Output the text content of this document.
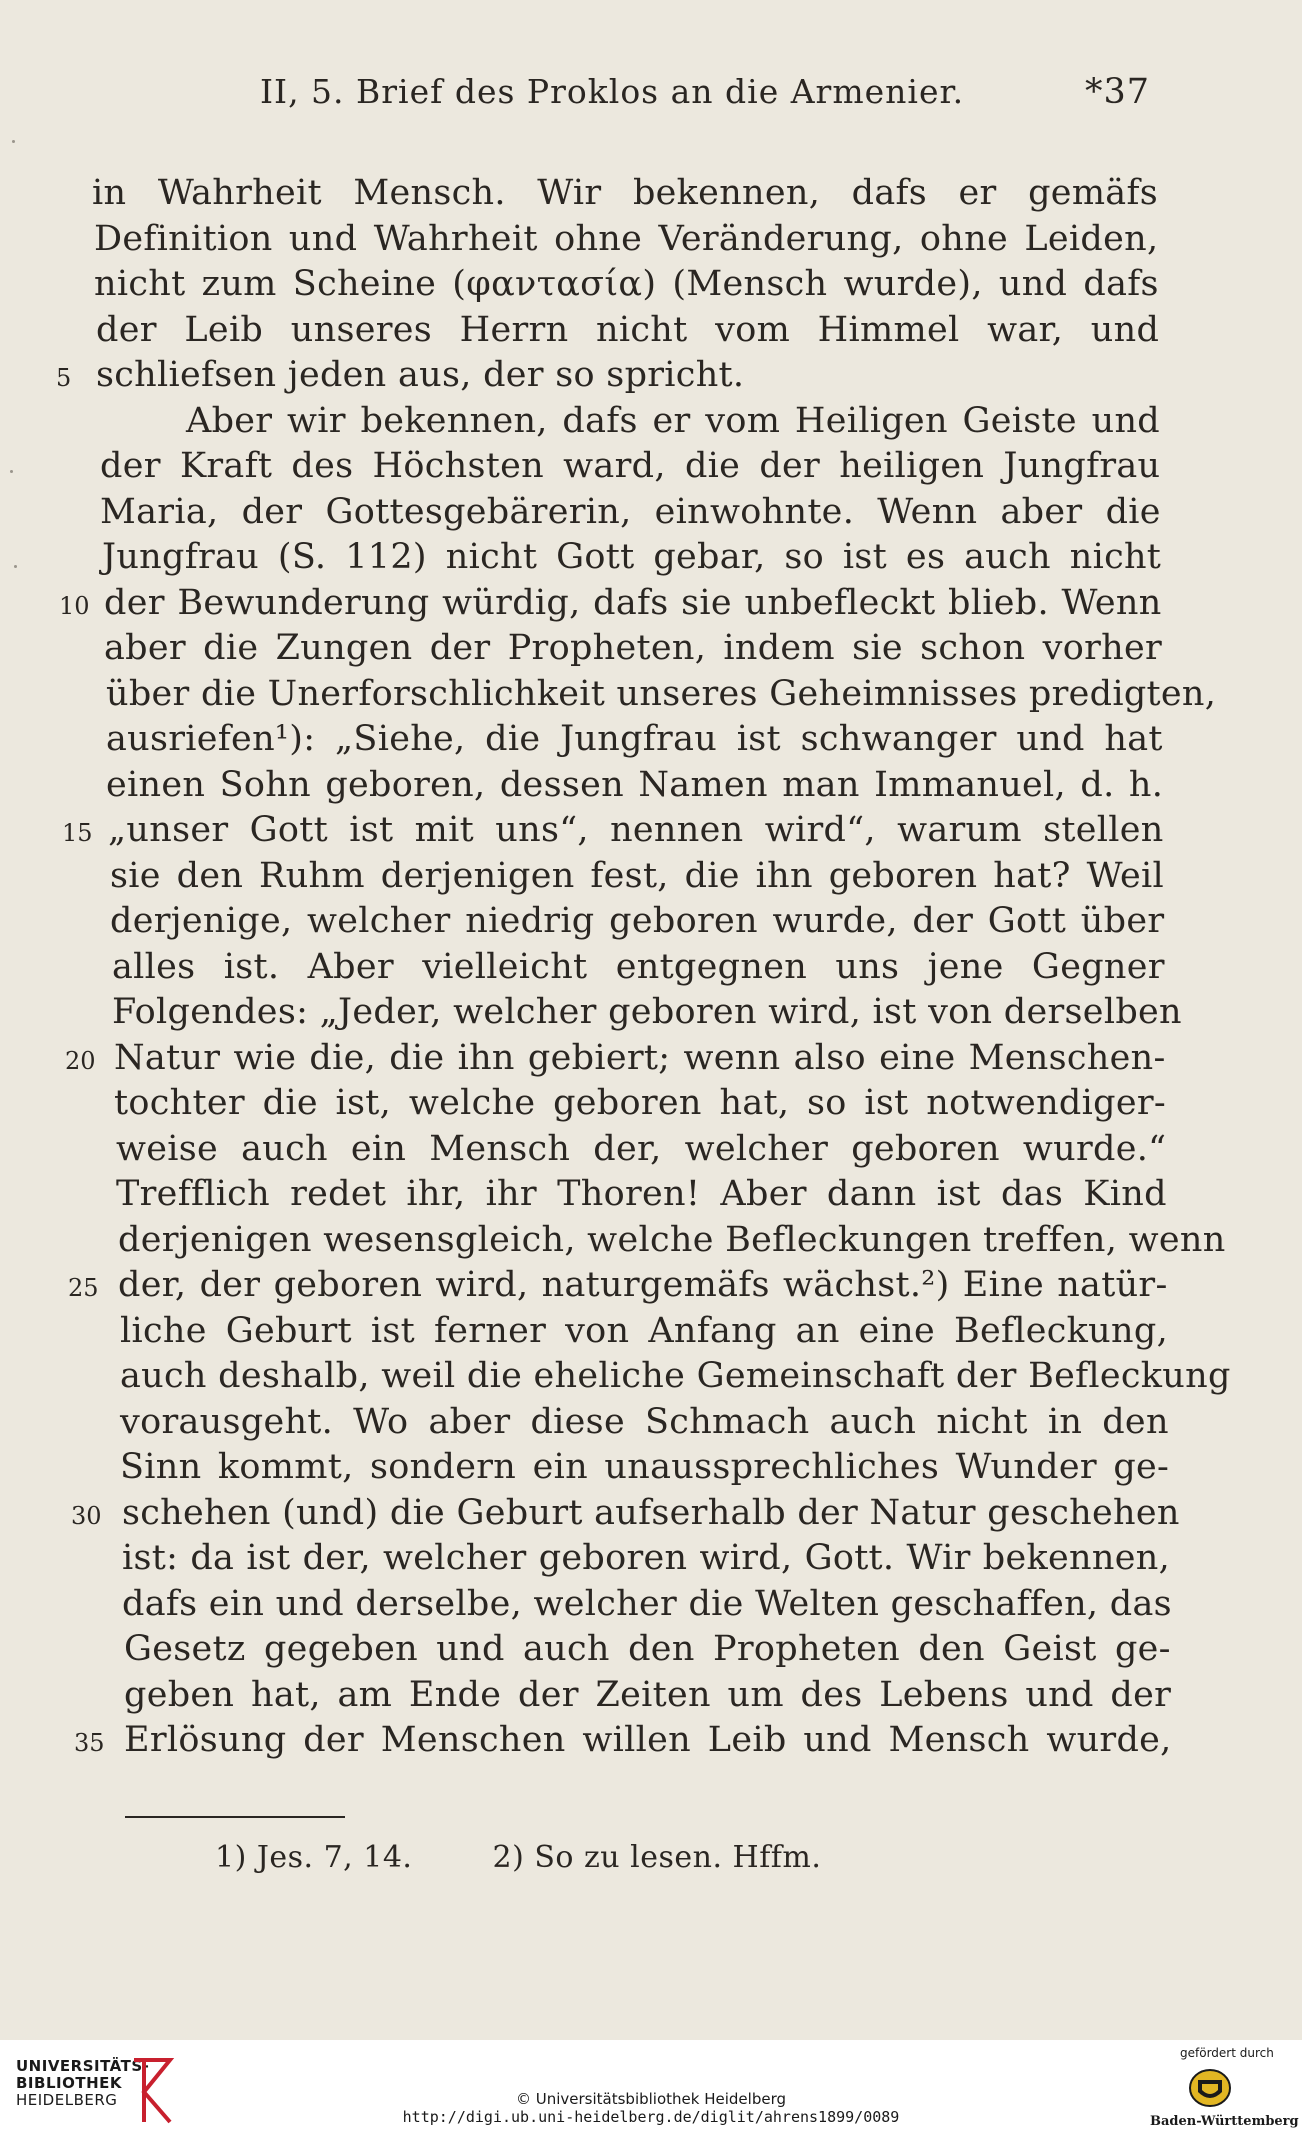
II, 5. Brief des Proklos an die Armenier.	*37
in Wahrheit Mensch. Wir bekennen, dafs er gemäfs
Definition und Wahrheit ohne Veränderung, ohne Leiden,
nicht zum Scheine (φαντασία) (Mensch wurde), und dafs
der Leib unseres Herrn nicht vom Himmel war, und
schliefsen jeden aus, der so spricht.
Aber wir bekennen, dafs er vom Heiligen Geiste und
der Kraft des Höchsten ward, die der heiligen Jungfrau
Maria, der Gottesgebärerin, einwohnte. Wenn aber die
Jungfrau (S. 112) nicht Gott gebar, so ist es auch nicht
der Bewunderung würdig, dafs sie unbefleckt blieb. Wenn
aber die Zungen der Propheten, indem sie schon vorher
über die Unerforschlichkeit unseres Geheimnisses predigten,
ausriefen¹): „Siehe, die Jungfrau ist schwanger und hat
einen Sohn geboren, dessen Namen man Immanuel, d. h.
„unser Gott ist mit uns“, nennen wird“, warum stellen
sie den Ruhm derjenigen fest, die ihn geboren hat? Weil
derjenige, welcher niedrig geboren wurde, der Gott über
alles ist. Aber vielleicht entgegnen uns jene Gegner
Folgendes: „Jeder, welcher geboren wird, ist von derselben
Natur wie die, die ihn gebiert; wenn also eine Menschen-
tochter die ist, welche geboren hat, so ist notwendiger-
weise auch ein Mensch der, welcher geboren wurde.“
Trefflich redet ihr, ihr Thoren! Aber dann ist das Kind
derjenigen wesensgleich, welche Befleckungen treffen, wenn
der, der geboren wird, naturgemäfs wächst.²) Eine natür-
liche Geburt ist ferner von Anfang an eine Befleckung,
auch deshalb, weil die eheliche Gemeinschaft der Befleckung
vorausgeht. Wo aber diese Schmach auch nicht in den
Sinn kommt, sondern ein unaussprechliches Wunder ge-
schehen (und) die Geburt aufserhalb der Natur geschehen
ist: da ist der, welcher geboren wird, Gott. Wir bekennen,
dafs ein und derselbe, welcher die Welten geschaffen, das
Gesetz gegeben und auch den Propheten den Geist ge-
geben hat, am Ende der Zeiten um des Lebens und der
Erlösung der Menschen willen Leib und Mensch wurde,
5
10
15
20
25
30
35
1) Jes. 7, 14.	2) So zu lesen. Hffm.
UNIVERSITÄTS-
BIBLIOTHEK
HEIDELBERG	© Universitätsbibliothek Heidelberg
http://digi.ub.uni-heidelberg.de/diglit/ahrens1899/0089
gefördert durch
Baden-Württemberg
